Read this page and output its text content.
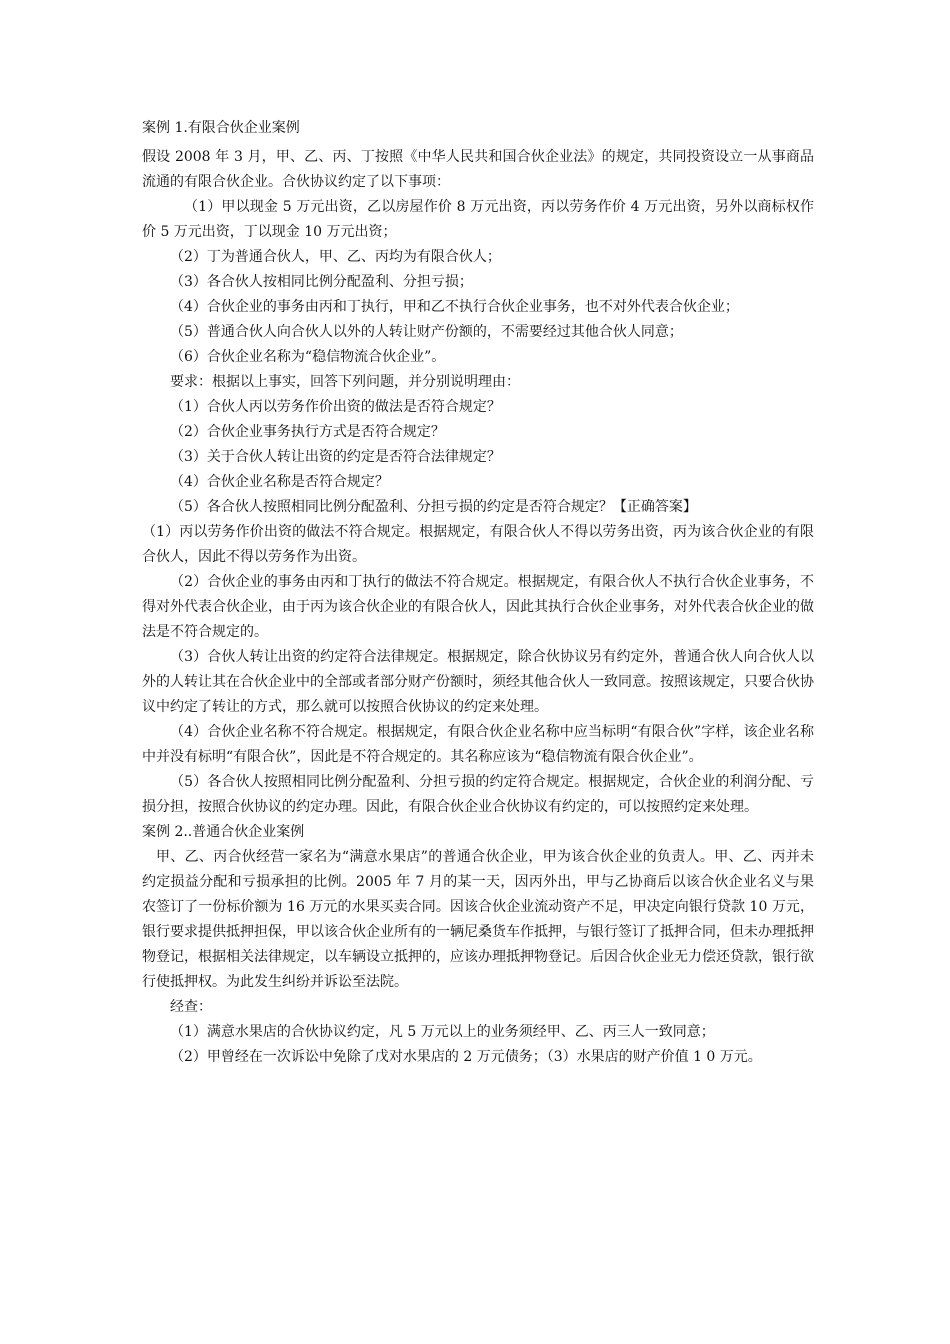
案例 1.有限合伙企业案例

假设 2008 年 3 月，甲、乙、丙、丁按照《中华人民共和国合伙企业法》的规定，共同投资设立一从事商品流通的有限合伙企业。合伙协议约定了以下事项：

（1）甲以现金 5 万元出资，乙以房屋作价 8 万元出资，丙以劳务作价 4 万元出资，另外以商标权作价 5 万元出资，丁以现金 10 万元出资；

（2）丁为普通合伙人，甲、乙、丙均为有限合伙人；

（3）各合伙人按相同比例分配盈利、分担亏损；

（4）合伙企业的事务由丙和丁执行，甲和乙不执行合伙企业事务，也不对外代表合伙企业；

（5）普通合伙人向合伙人以外的人转让财产份额的，不需要经过其他合伙人同意；

（6）合伙企业名称为“稳信物流合伙企业”。

要求：根据以上事实，回答下列问题，并分别说明理由：

（1）合伙人丙以劳务作价出资的做法是否符合规定？

（2）合伙企业事务执行方式是否符合规定？

（3）关于合伙人转让出资的约定是否符合法律规定？

（4）合伙企业名称是否符合规定？

（5）各合伙人按照相同比例分配盈利、分担亏损的约定是否符合规定？【正确答案】

（1）丙以劳务作价出资的做法不符合规定。根据规定，有限合伙人不得以劳务出资，丙为该合伙企业的有限合伙人，因此不得以劳务作为出资。

（2）合伙企业的事务由丙和丁执行的做法不符合规定。根据规定，有限合伙人不执行合伙企业事务，不得对外代表合伙企业，由于丙为该合伙企业的有限合伙人，因此其执行合伙企业事务，对外代表合伙企业的做法是不符合规定的。

（3）合伙人转让出资的约定符合法律规定。根据规定，除合伙协议另有约定外，普通合伙人向合伙人以外的人转让其在合伙企业中的全部或者部分财产份额时，须经其他合伙人一致同意。按照该规定，只要合伙协议中约定了转让的方式，那么就可以按照合伙协议的约定来处理。

（4）合伙企业名称不符合规定。根据规定，有限合伙企业名称中应当标明“有限合伙”字样，该企业名称中并没有标明“有限合伙”，因此是不符合规定的。其名称应该为“稳信物流有限合伙企业”。

（5）各合伙人按照相同比例分配盈利、分担亏损的约定符合规定。根据规定，合伙企业的利润分配、亏损分担，按照合伙协议的约定办理。因此，有限合伙企业合伙协议有约定的，可以按照约定来处理。

案例 2..普通合伙企业案例

甲、乙、丙合伙经营一家名为“满意水果店”的普通合伙企业，甲为该合伙企业的负责人。甲、乙、丙并未约定损益分配和亏损承担的比例。2005 年 7 月的某一天，因丙外出，甲与乙协商后以该合伙企业名义与果农签订了一份标价额为 16 万元的水果买卖合同。因该合伙企业流动资产不足，甲决定向银行贷款 10 万元，银行要求提供抵押担保，甲以该合伙企业所有的一辆尼桑货车作抵押，与银行签订了抵押合同，但未办理抵押物登记，根据相关法律规定，以车辆设立抵押的，应该办理抵押物登记。后因合伙企业无力偿还贷款，银行欲行使抵押权。为此发生纠纷并诉讼至法院。

经查：

（1）满意水果店的合伙协议约定，凡 5 万元以上的业务须经甲、乙、丙三人一致同意；

（2）甲曾经在一次诉讼中免除了戊对水果店的 2 万元债务；（3）水果店的财产价值 1 0 万元。
